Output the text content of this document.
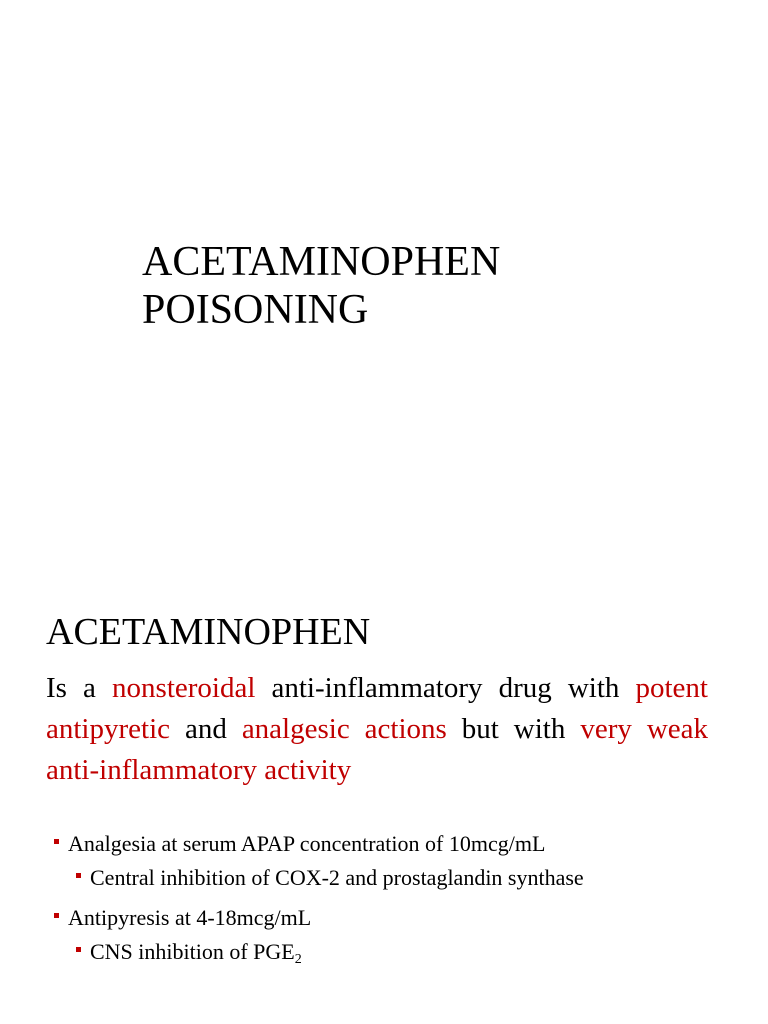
ACETAMINOPHEN
POISONING
ACETAMINOPHEN

Is a nonsteroidal anti-inflammatory drug with potent antipyretic and analgesic actions but with very weak anti-inflammatory activity

Analgesia at serum APAP concentration of 10mcg/mL
Central inhibition of COX-2 and prostaglandin synthase
Antipyresis at 4-18mcg/mL
CNS inhibition of $PGE_2$
